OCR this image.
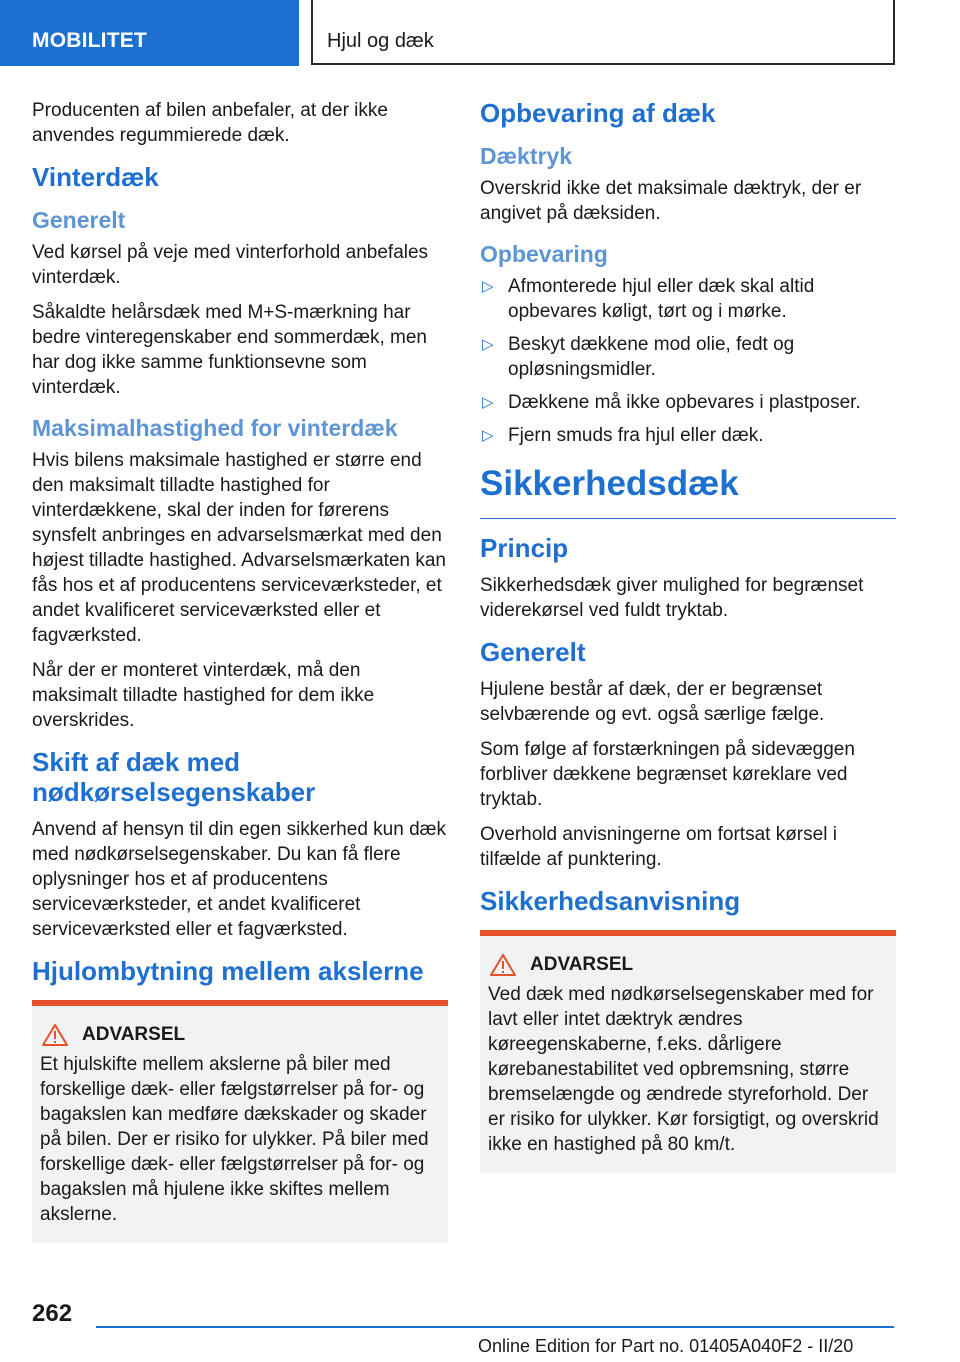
MOBILITET	Hjul og dæk

Producenten af bilen anbefaler, at der ikke anvendes regummierede dæk.

Vinterdæk
Generelt

Ved kørsel på veje med vinterforhold anbefales vinterdæk.

Såkaldte helårsdæk med M+S-mærkning har bedre vinteregenskaber end sommerdæk, men har dog ikke samme funktionsevne som vinterdæk.

Maksimalhastighed for vinterdæk

Hvis bilens maksimale hastighed er større end den maksimalt tilladte hastighed for vinterdækkene, skal der inden for førerens synsfelt anbringes en advarselsmærkat med den højest tilladte hastighed. Advarselsmærkaten kan fås hos et af producentens serviceværksteder, et andet kvalificeret serviceværksted eller et fagværksted.

Når der er monteret vinterdæk, må den maksimalt tilladte hastighed for dem ikke overskrides.

Skift af dæk med nødkørselsegenskaber

Anvend af hensyn til din egen sikkerhed kun dæk med nødkørselsegenskaber. Du kan få flere oplysninger hos et af producentens serviceværksteder, et andet kvalificeret serviceværksted eller et fagværksted.

Hjulombytning mellem akslerne
ADVARSEL

Et hjulskifte mellem akslerne på biler med forskellige dæk- eller fælgstørrelser på for- og bagakslen kan medføre dækskader og skader på bilen. Der er risiko for ulykker. På biler med forskellige dæk- eller fælgstørrelser på for- og bagakslen må hjulene ikke skiftes mellem akslerne.

Opbevaring af dæk
Dæktryk

Overskrid ikke det maksimale dæktryk, der er angivet på dæksiden.

Opbevaring
▷ Afmonterede hjul eller dæk skal altid opbevares køligt, tørt og i mørke.
▷ Beskyt dækkene mod olie, fedt og opløsningsmidler.
▷ Dækkene må ikke opbevares i plastposer.
▷ Fjern smuds fra hjul eller dæk.
Sikkerhedsdæk
Princip

Sikkerhedsdæk giver mulighed for begrænset viderekørsel ved fuldt tryktab.

Generelt

Hjulene består af dæk, der er begrænset selvbærende og evt. også særlige fælge.

Som følge af forstærkningen på sidevæggen forbliver dækkene begrænset køreklare ved tryktab.

Overhold anvisningerne om fortsat kørsel i tilfælde af punktering.

Sikkerhedsanvisning
ADVARSEL

Ved dæk med nødkørselsegenskaber med for lavt eller intet dæktryk ændres køreegenskaberne, f.eks. dårligere kørebanestabilitet ved opbremsning, større bremselængde og ændrede styreforhold. Der er risiko for ulykker. Kør forsigtigt, og overskrid ikke en hastighed på 80 km/t.

262
Online Edition for Part no. 01405A040F2 - II/20
